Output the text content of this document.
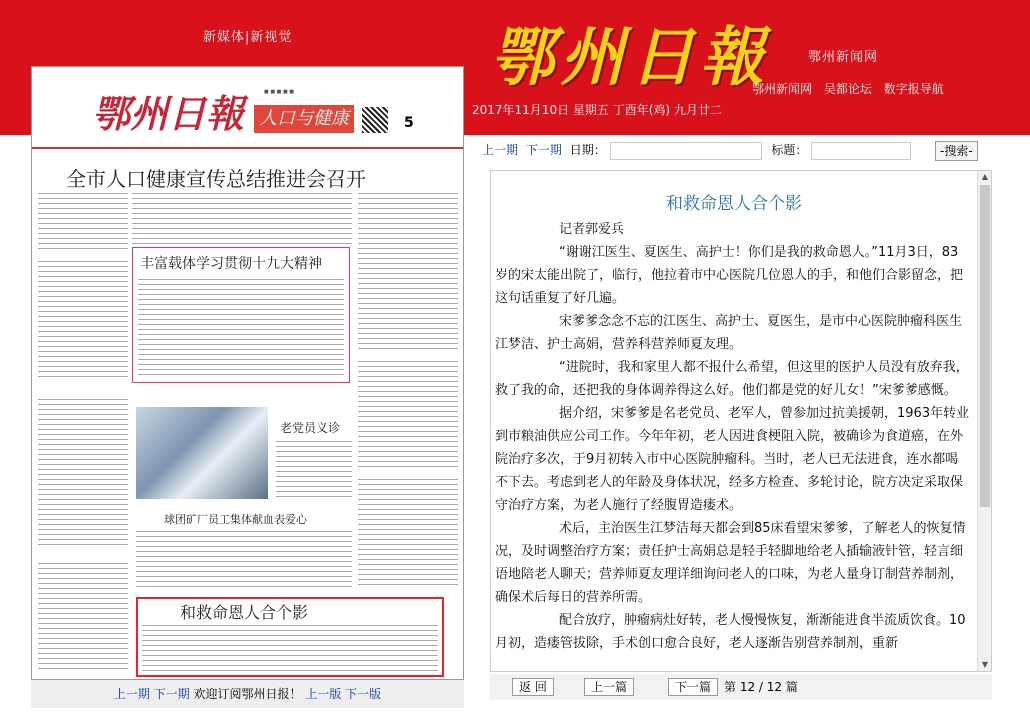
新媒体|新视觉	鄂州日報	鄂州新闻网
鄂州新闻网 吴都论坛 数字报导航
2017年11月10日 星期五 丁酉年(鸡) 九月廿二
鄂州日報	■ ■ ■ ■ ■
人口与健康	5
全市人口健康宣传总结推进会召开
丰富载体学习贯彻十九大精神
老党员义诊
球团矿厂员工集体献血表爱心
和救命恩人合个影
上一期 下一期 欢迎订阅鄂州日报！ 上一版 下一版
上一期 下一期 日期：	标题：	-搜索-
和救命恩人合个影

记者郭爱兵

“谢谢江医生、夏医生、高护士！你们是我的救命恩人。”11月3日，83岁的宋太能出院了，临行，他拉着市中心医院几位恩人的手，和他们合影留念，把这句话重复了好几遍。

宋爹爹念念不忘的江医生、高护士、夏医生，是市中心医院肿瘤科医生江梦洁、护士高娟，营养科营养师夏友理。

“进院时，我和家里人都不报什么希望，但这里的医护人员没有放弃我，救了我的命，还把我的身体调养得这么好。他们都是党的好儿女！”宋爹爹感慨。

据介绍，宋爹爹是名老党员、老军人，曾参加过抗美援朝，1963年转业到市粮油供应公司工作。今年年初，老人因进食梗阻入院，被确诊为食道癌，在外院治疗多次，于9月初转入市中心医院肿瘤科。当时，老人已无法进食，连水都喝不下去。考虑到老人的年龄及身体状况，经多方检查、多轮讨论，院方决定采取保守治疗方案，为老人施行了经腹胃造瘘术。

术后，主治医生江梦洁每天都会到85床看望宋爹爹，了解老人的恢复情况，及时调整治疗方案；责任护士高娟总是轻手轻脚地给老人插输液针管，轻言细语地陪老人聊天；营养师夏友理详细询问老人的口味，为老人量身订制营养制剂，确保术后每日的营养所需。

配合放疗，肿瘤病灶好转，老人慢慢恢复，渐渐能进食半流质饮食。10月初，造瘘管拔除，手术创口愈合良好，老人逐渐告别营养制剂，重新

▲
▼
返 回	上一篇	下一篇	第 12 / 12 篇
